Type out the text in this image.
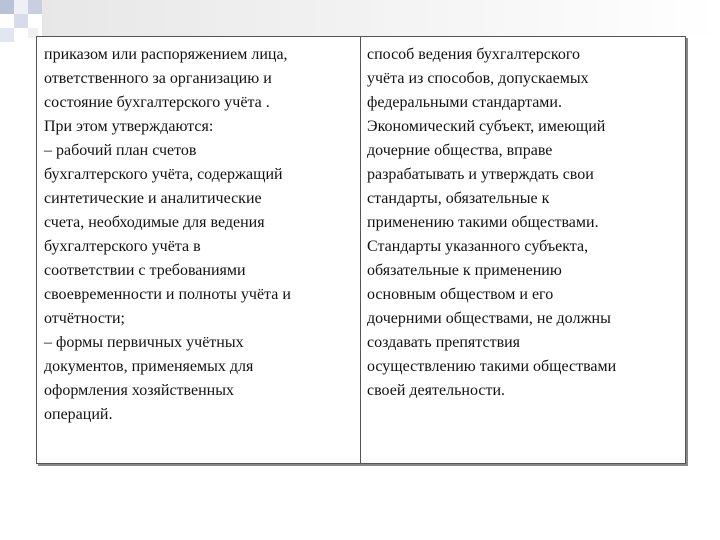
приказом или распоряжением лица,
ответственного за организацию и
состояние бухгалтерского учёта .
При этом утверждаются:
– рабочий план счетов
бухгалтерского учёта, содержащий
синтетические и аналитические
счета, необходимые для ведения
бухгалтерского учёта в
соответствии с требованиями
своевременности и полноты учёта и
отчётности;
– формы первичных учётных
документов, применяемых для
оформления хозяйственных
операций.
способ ведения бухгалтерского
учёта из способов, допускаемых
федеральными стандартами.
Экономический субъект, имеющий
дочерние общества, вправе
разрабатывать и утверждать свои
стандарты, обязательные к
применению такими обществами.
Стандарты указанного субъекта,
обязательные к применению
основным обществом и его
дочерними обществами, не должны
создавать препятствия
осуществлению такими обществами
своей деятельности.
